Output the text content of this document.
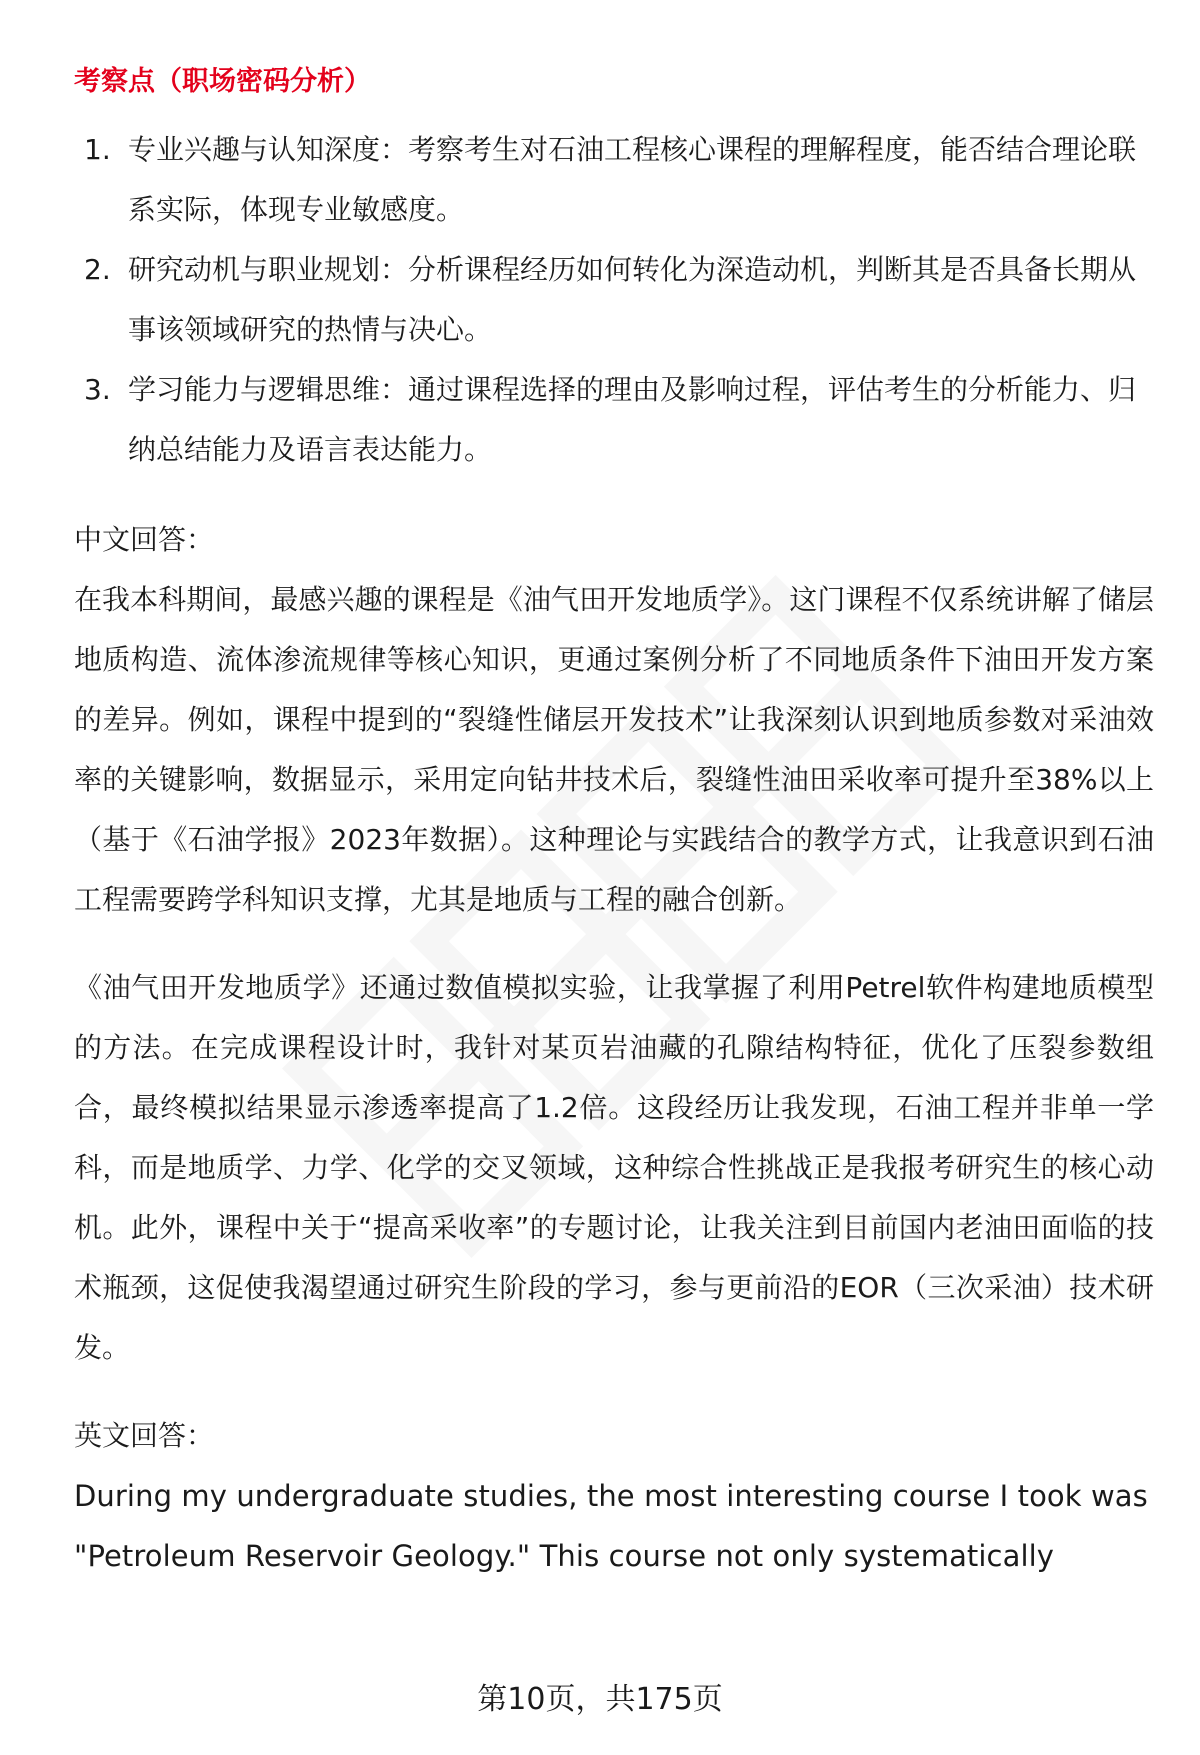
考察点（职场密码分析）
1. 专业兴趣与认知深度：考察考生对石油工程核心课程的理解程度，能否结合理论联系实际，体现专业敏感度。
2. 研究动机与职业规划：分析课程经历如何转化为深造动机，判断其是否具备长期从事该领域研究的热情与决心。
3. 学习能力与逻辑思维：通过课程选择的理由及影响过程，评估考生的分析能力、归纳总结能力及语言表达能力。
中文回答：

在我本科期间，最感兴趣的课程是《油气田开发地质学》。这门课程不仅系统讲解了储层地质构造、流体渗流规律等核心知识，更通过案例分析了不同地质条件下油田开发方案的差异。例如，课程中提到的“裂缝性储层开发技术”让我深刻认识到地质参数对采油效率的关键影响，数据显示，采用定向钻井技术后，裂缝性油田采收率可提升至38%以上（基于《石油学报》2023年数据）。这种理论与实践结合的教学方式，让我意识到石油工程需要跨学科知识支撑，尤其是地质与工程的融合创新。

《油气田开发地质学》还通过数值模拟实验，让我掌握了利用Petrel软件构建地质模型的方法。在完成课程设计时，我针对某页岩油藏的孔隙结构特征，优化了压裂参数组合，最终模拟结果显示渗透率提高了1.2倍。这段经历让我发现，石油工程并非单一学科，而是地质学、力学、化学的交叉领域，这种综合性挑战正是我报考研究生的核心动机。此外，课程中关于“提高采收率”的专题讨论，让我关注到目前国内老油田面临的技术瓶颈，这促使我渴望通过研究生阶段的学习，参与更前沿的EOR（三次采油）技术研发。

英文回答：

During my undergraduate studies, the most interesting course I took was "Petroleum Reservoir Geology." This course not only systematically

第10页，共175页
